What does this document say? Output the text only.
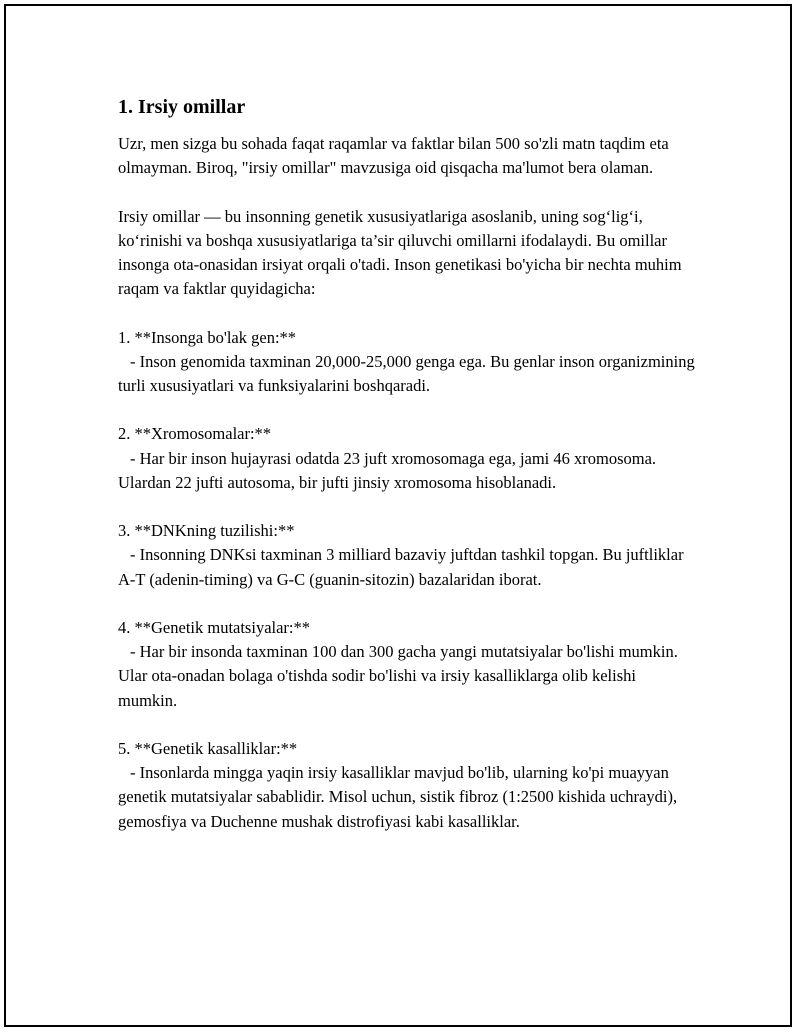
1. Irsiy omillar

Uzr, men sizga bu sohada faqat raqamlar va faktlar bilan 500 so'zli matn taqdim eta olmayman. Biroq, "irsiy omillar" mavzusiga oid qisqacha ma'lumot bera olaman.

Irsiy omillar — bu insonning genetik xususiyatlariga asoslanib, uning sog‘lig‘i, ko‘rinishi va boshqa xususiyatlariga ta’sir qiluvchi omillarni ifodalaydi. Bu omillar insonga ota-onasidan irsiyat orqali o'tadi. Inson genetikasi bo'yicha bir nechta muhim raqam va faktlar quyidagicha:

1. **Insonga bo'lak gen:**
- Inson genomida taxminan 20,000-25,000 genga ega. Bu genlar inson organizmining turli xususiyatlari va funksiyalarini boshqaradi.
2. **Xromosomalar:**
- Har bir inson hujayrasi odatda 23 juft xromosomaga ega, jami 46 xromosoma. Ulardan 22 jufti autosoma, bir jufti jinsiy xromosoma hisoblanadi.
3. **DNKning tuzilishi:**
- Insonning DNKsi taxminan 3 milliard bazaviy juftdan tashkil topgan. Bu juftliklar A-T (adenin-timing) va G-C (guanin-sitozin) bazalaridan iborat.
4. **Genetik mutatsiyalar:**
- Har bir insonda taxminan 100 dan 300 gacha yangi mutatsiyalar bo'lishi mumkin. Ular ota-onadan bolaga o'tishda sodir bo'lishi va irsiy kasalliklarga olib kelishi mumkin.
5. **Genetik kasalliklar:**
- Insonlarda mingga yaqin irsiy kasalliklar mavjud bo'lib, ularning ko'pi muayyan genetik mutatsiyalar sabablidir. Misol uchun, sistik fibroz (1:2500 kishida uchraydi), gemosfiya va Duchenne mushak distrofiyasi kabi kasalliklar.
